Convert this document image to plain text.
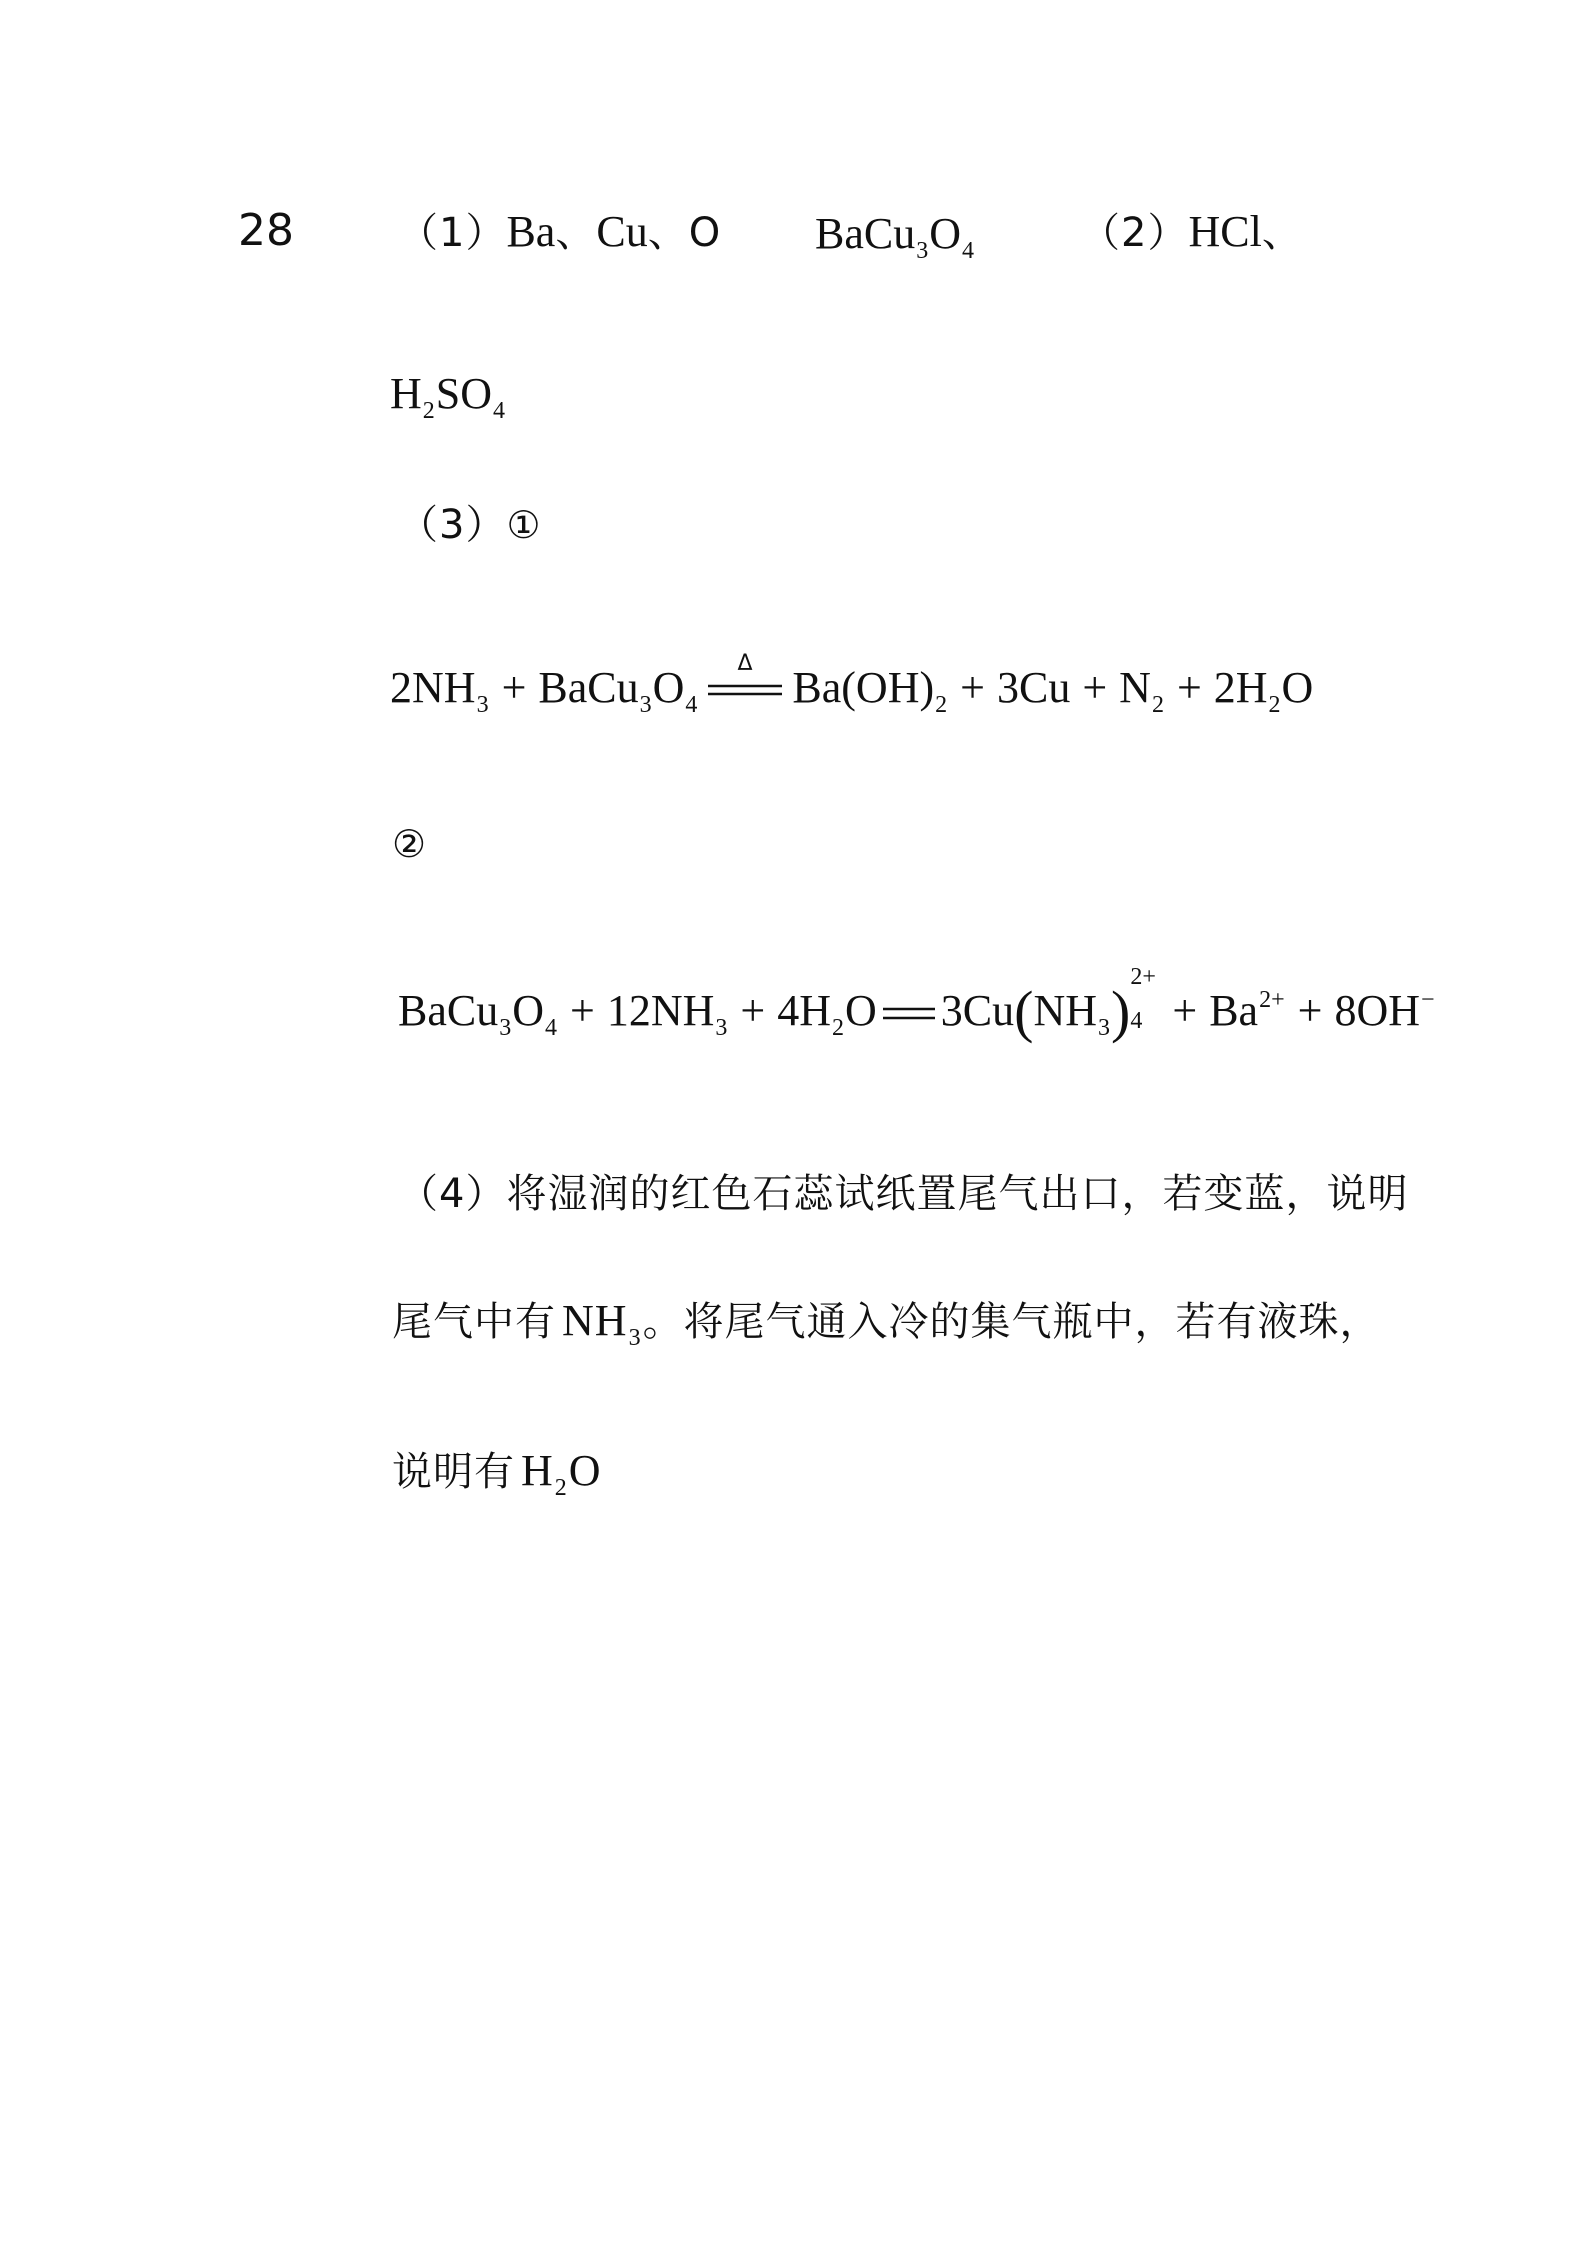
28	（1）Ba、Cu、O $BaCu_3O_4$	（2）HCl、
$H_2SO_4$
（3）①
$2NH_3$ + $BaCu_3O_4$
Δ $Ba(OH)_2 + 3Cu + N_2 + 2H_2O$
②
$BaCu_3O_4 + 12NH_3 + 4H_2O$ $3Cu(NH_3)$
2+
$4 + Ba^{2+} + 8OH^-$
（4）将湿润的红色石蕊试纸置尾气出口，若变蓝，说明
尾气中有 $NH_3$。将尾气通入冷的集气瓶中，若有液珠，
说明有 $H_2O$
